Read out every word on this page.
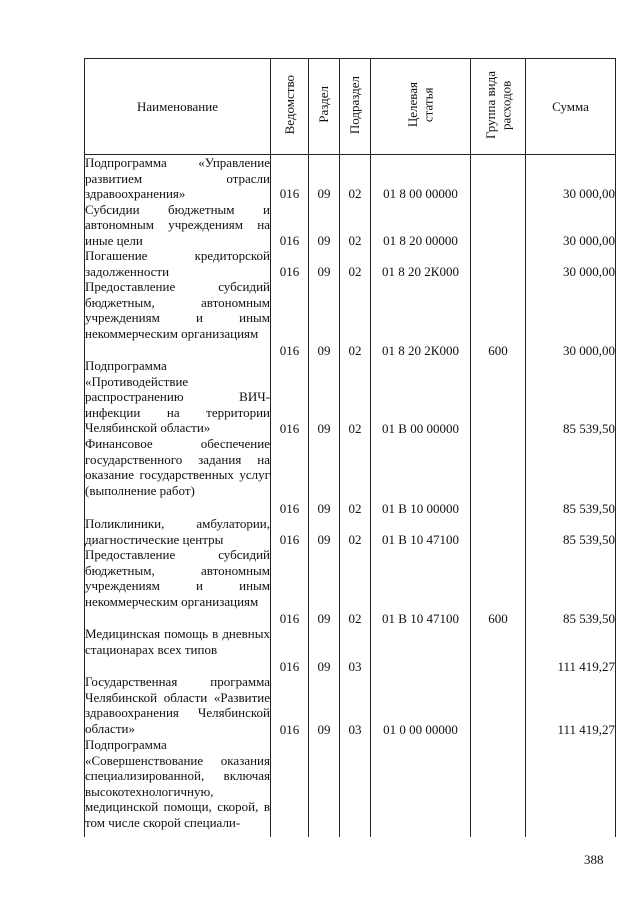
Наименование	Ведомство	Раздел	Подраздел	Целевая
статья	Группа вида
расходов	Сумма
Подпрограмма «Управление развитием отрасли здравоохранения»	016	09	02	01 8 00 00000		30 000,00
Субсидии бюджетным и автономным учреждениям на иные цели	016	09	02	01 8 20 00000		30 000,00
Погашение кредиторской задолженности	016	09	02	01 8 20 2К000		30 000,00
Предоставление субсидий бюджетным, автономным учреждениям и иным некоммерческим организациям	016	09	02	01 8 20 2К000	600	30 000,00
Подпрограмма «Противодействие распространению ВИЧ-инфекции на территории Челябинской области»	016	09	02	01 В 00 00000		85 539,50
Финансовое обеспечение государственного задания на оказание государственных услуг (выполнение работ)	016	09	02	01 В 10 00000		85 539,50
Поликлиники, амбулатории, диагностические центры	016	09	02	01 В 10 47100		85 539,50
Предоставление субсидий бюджетным, автономным учреждениям и иным некоммерческим организациям	016	09	02	01 В 10 47100	600	85 539,50
Медицинская помощь в дневных стационарах всех типов	016	09	03			111 419,27
Государственная программа Челябинской области «Развитие здравоохранения Челябинской области»	016	09	03	01 0 00 00000		111 419,27
Подпрограмма «Совершенствование оказания специализированной, включая высокотехнологичную, медицинской помощи, скорой, в том числе скорой специали-						
388
